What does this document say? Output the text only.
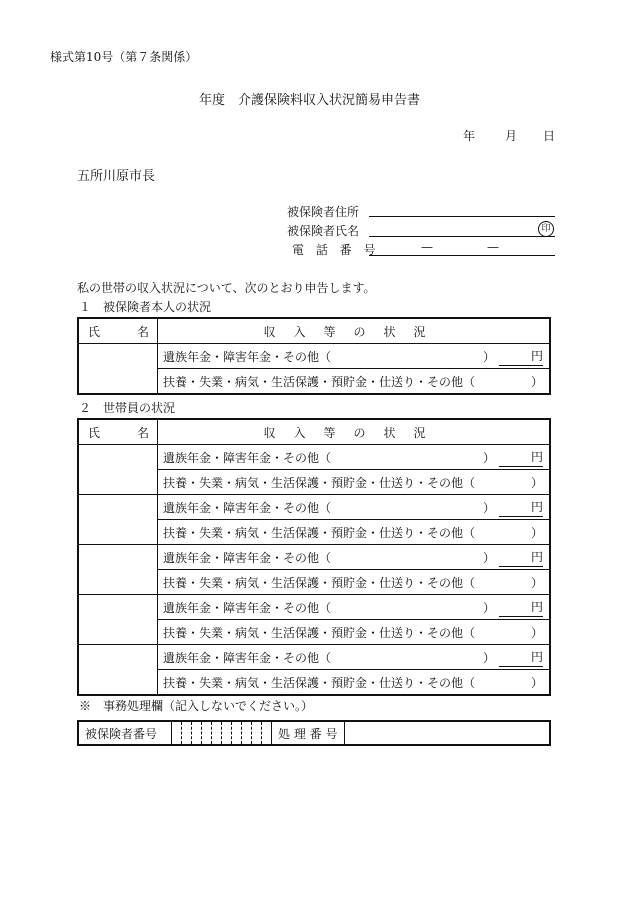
様式第10号（第７条関係）
年度　介護保険料収入状況簡易申告書
年 月 日
五所川原市長
被保険者住所
被保険者氏名	印
電 話 番 号	—	—
私の世帯の収入状況について、次のとおり申告します。
１　被保険者本人の状況
氏 名	収入等の状況

	遺族年金・障害年金・その他（ ） 円

	扶養・失業・病気・生活保護・預貯金・仕送り・その他（ ）
２　世帯員の状況
氏 名	収入等の状況

	遺族年金・障害年金・その他（ ） 円

	扶養・失業・病気・生活保護・預貯金・仕送り・その他（ ）

	遺族年金・障害年金・その他（ ） 円

	扶養・失業・病気・生活保護・預貯金・仕送り・その他（ ）

	遺族年金・障害年金・その他（ ） 円

	扶養・失業・病気・生活保護・預貯金・仕送り・その他（ ）

	遺族年金・障害年金・その他（ ） 円

	扶養・失業・病気・生活保護・預貯金・仕送り・その他（ ）

	遺族年金・障害年金・その他（ ） 円

	扶養・失業・病気・生活保護・預貯金・仕送り・その他（ ）
※　事務処理欄（記入しないでください。）
被保険者番号											処 理 番 号	
